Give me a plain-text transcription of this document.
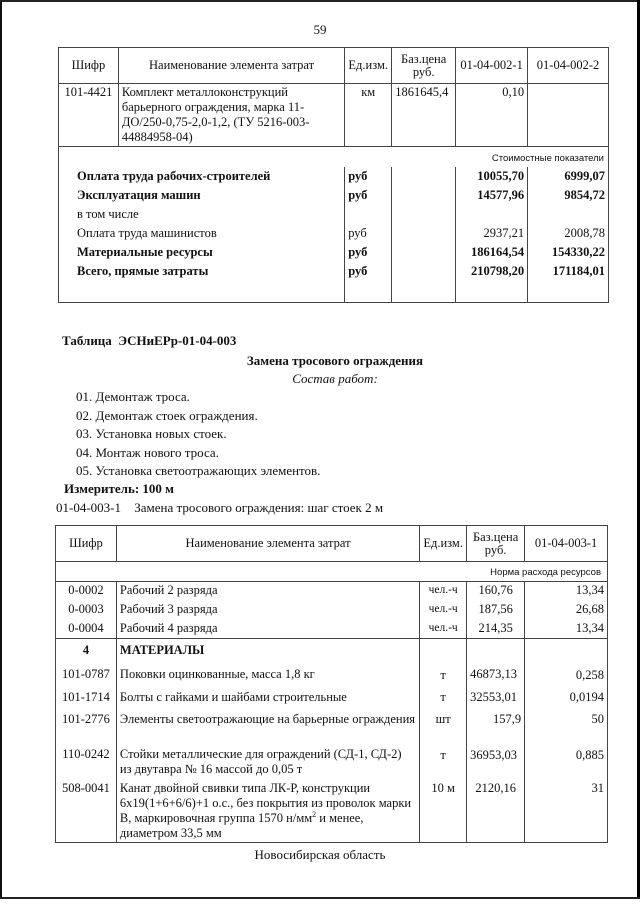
59
Шифр	Наименование элемента затрат	Ед.изм.	Баз.цена руб.	01-04-002-1	01-04-002-2
101-4421	Комплект металлоконструкций барьерного ограждения, марка 11-ДО/250-0,75-2,0-1,2, (ТУ 5216-003-44884958-04)	км	1861645,4	0,10	
Стоимостные показатели					
Оплата труда рабочих-строителей		руб		10055,70	6999,07
Эксплуатация машин		руб		14577,96	9854,72
в том числе					
Оплата труда машинистов		руб		2937,21	2008,78
Материальные ресурсы		руб		186164,54	154330,22
Всего, прямые затраты		руб		210798,20	171184,01
Таблица  ЭСНиЕРр-01-04-003
Замена тросового ограждения
Состав работ:
01. Демонтаж троса.
02. Демонтаж стоек ограждения.
03. Установка новых стоек.
04. Монтаж нового троса.
05. Установка светоотражающих элементов.
Измеритель: 100 м
01-04-003-1 Замена тросового ограждения: шаг стоек 2 м
Шифр	Наименование элемента затрат	Ед.изм.	Баз.цена руб.	01-04-003-1
Норма расхода ресурсов				
0-0002	Рабочий 2 разряда	чел.-ч	160,76	13,34
0-0003	Рабочий 3 разряда	чел.-ч	187,56	26,68
0-0004	Рабочий 4 разряда	чел.-ч	214,35	13,34
4	МАТЕРИАЛЫ			
101-0787	Поковки оцинкованные, масса 1,8 кг	т	46873,13	0,258
101-1714	Болты с гайками и шайбами строительные	т	32553,01	0,0194
101-2776	Элементы светоотражающие на барьерные ограждения	шт	157,9	50
110-0242	Стойки металлические для ограждений (СД-1, СД-2) из двутавра № 16 массой до 0,05 т	т	36953,03	0,885
508-0041	Канат двойной свивки типа ЛК-Р, конструкции 6х19(1+6+6/6)+1 о.с., без покрытия из проволок марки В, маркировочная группа 1570 $н/мм^2$ и менее, диаметром 33,5 мм	10 м	2120,16	31
Новосибирская область
